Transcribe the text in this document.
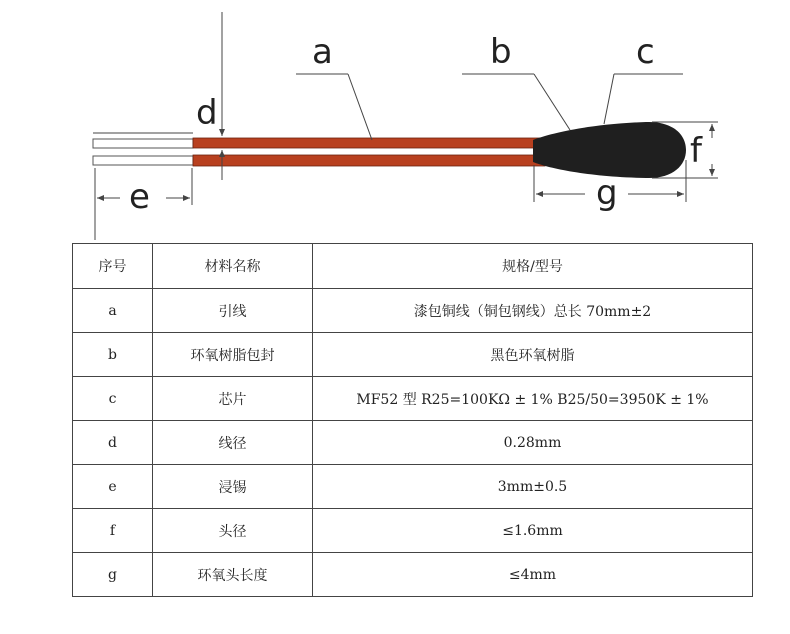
a	b	c
d
e
f
g
序号	材料名称	规格/型号
a	引线	漆包铜线（铜包钢线）总长 70mm±2
b	环氧树脂包封	黑色环氧树脂
c	芯片	MF52 型 R25=100KΩ ± 1% B25/50=3950K ± 1%
d	线径	0.28mm
e	浸锡	3mm±0.5
f	头径	≤1.6mm
g	环氧头长度	≤4mm
